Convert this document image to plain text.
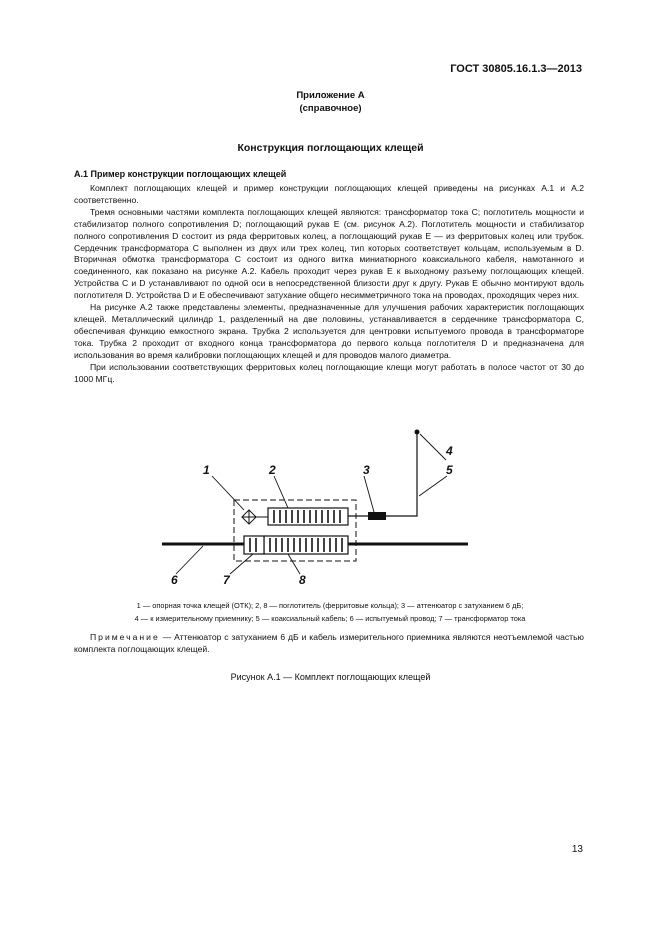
ГОСТ 30805.16.1.3—2013
Приложение А
(справочное)
Конструкция поглощающих клещей
А.1 Пример конструкции поглощающих клещей

Комплект поглощающих клещей и пример конструкции поглощающих клещей приведены на рисунках А.1 и А.2 соответственно.

Тремя основными частями комплекта поглощающих клещей являются: трансформатор тока C; поглотитель мощности и стабилизатор полного сопротивления D; поглощающий рукав E (см. рисунок А.2). Поглотитель мощности и стабилизатор полного сопротивления D состоит из ряда ферритовых колец, а поглощающий рукав E — из ферритовых колец или трубок. Сердечник трансформатора C выполнен из двух или трех колец, тип которых соответствует кольцам, используемым в D. Вторичная обмотка трансформатора C состоит из одного витка миниатюрного коаксиального кабеля, намотанного и соединенного, как показано на рисунке А.2. Кабель проходит через рукав E к выходному разъему поглощающих клещей. Устройства C и D устанавливают по одной оси в непосредственной близости друг к другу. Рукав E обычно монтируют вдоль поглотителя D. Устройства D и E обеспечивают затухание общего несимметричного тока на проводах, проходящих через них.

На рисунке А.2 также представлены элементы, предназначенные для улучшения рабочих характеристик поглощающих клещей. Металлический цилиндр 1, разделенный на две половины, устанавливается в сердечнике трансформатора C, обеспечивая функцию емкостного экрана. Трубка 2 используется для центровки испытуемого провода в трансформаторе тока. Трубка 2 проходит от входного конца трансформатора до первого кольца поглотителя D и предназначена для использования во время калибровки поглощающих клещей и для проводов малого диаметра.

При использовании соответствующих ферритовых колец поглощающие клещи могут работать в полосе частот от 30 до 1000 МГц.

1	2	3
4
5
6	7	8
1 — опорная точка клещей (ОТК); 2, 8 — поглотитель (ферритовые кольца); 3 — аттенюатор с затуханием 6 дБ;
4 — к измерительному приемнику; 5 — коаксиальный кабель; 6 — испытуемый провод; 7 — трансформатор тока

Примечание — Аттенюатор с затуханием 6 дБ и кабель измерительного приемника являются неотъемлемой частью комплекта поглощающих клещей.

Рисунок А.1 — Комплект поглощающих клещей
13
